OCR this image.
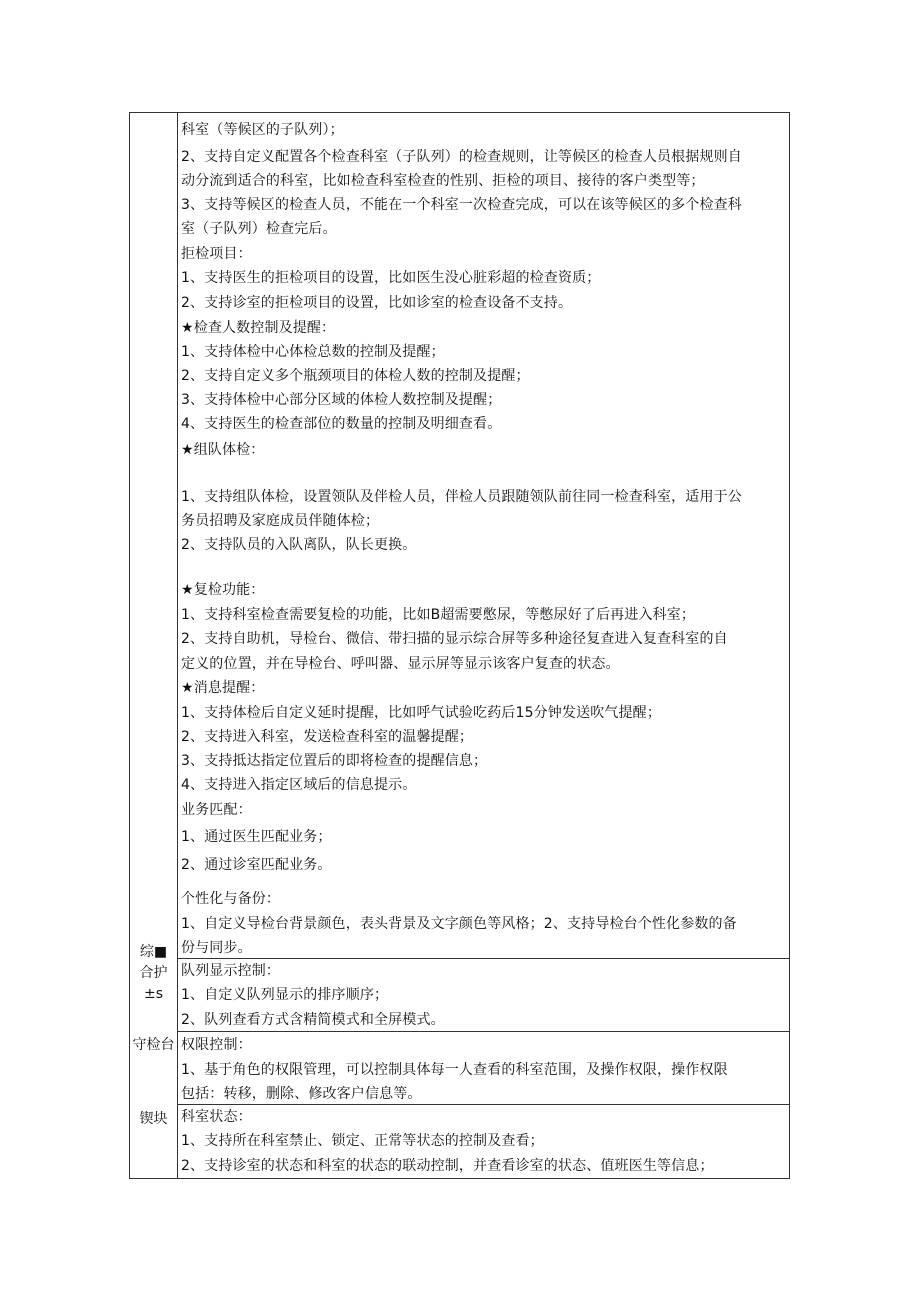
综■
合护
±s
守检台
锲块
科室（等候区的子队列）；
2、支持自定义配置各个检查科室（子队列）的检查规则，让等候区的检查人员根据规则自
动分流到适合的科室，比如检查科室检查的性别、拒检的项目、接待的客户类型等；
3、支持等候区的检查人员，不能在一个科室一次检查完成，可以在该等候区的多个检查科
室（子队列）检查完后。
拒检项目：
1、支持医生的拒检项目的设置，比如医生没心脏彩超的检查资质；
2、支持诊室的拒检项目的设置，比如诊室的检查设备不支持。
★检查人数控制及提醒：
1、支持体检中心体检总数的控制及提醒；
2、支持自定义多个瓶颈项目的体检人数的控制及提醒；
3、支持体检中心部分区域的体检人数控制及提醒；
4、支持医生的检查部位的数量的控制及明细查看。
★组队体检：
1、支持组队体检，设置领队及伴检人员，伴检人员跟随领队前往同一检查科室，适用于公
务员招聘及家庭成员伴随体检；
2、支持队员的入队离队，队长更换。
★复检功能：
1、支持科室检查需要复检的功能，比如B超需要憋尿，等憋尿好了后再进入科室；
2、支持自助机，导检台、微信、带扫描的显示综合屏等多种途径复查进入复查科室的自
定义的位置，并在导检台、呼叫器、显示屏等显示该客户复查的状态。
★消息提醒：
1、支持体检后自定义延时提醒，比如呼气试验吃药后15分钟发送吹气提醒；
2、支持进入科室，发送检查科室的温馨提醒；
3、支持抵达指定位置后的即将检查的提醒信息；
4、支持进入指定区域后的信息提示。
业务匹配：
1、通过医生匹配业务；
2、通过诊室匹配业务。
个性化与备份：
1、自定义导检台背景颜色，表头背景及文字颜色等风格；2、支持导检台个性化参数的备
份与同步。
队列显示控制：
1、自定义队列显示的排序顺序；
2、队列查看方式含精简模式和全屏模式。
权限控制：
1、基于角色的权限管理，可以控制具体每一人查看的科室范围，及操作权限，操作权限
包括：转移，删除、修改客户信息等。
科室状态：
1、支持所在科室禁止、锁定、正常等状态的控制及查看；
2、支持诊室的状态和科室的状态的联动控制，并查看诊室的状态、值班医生等信息；
